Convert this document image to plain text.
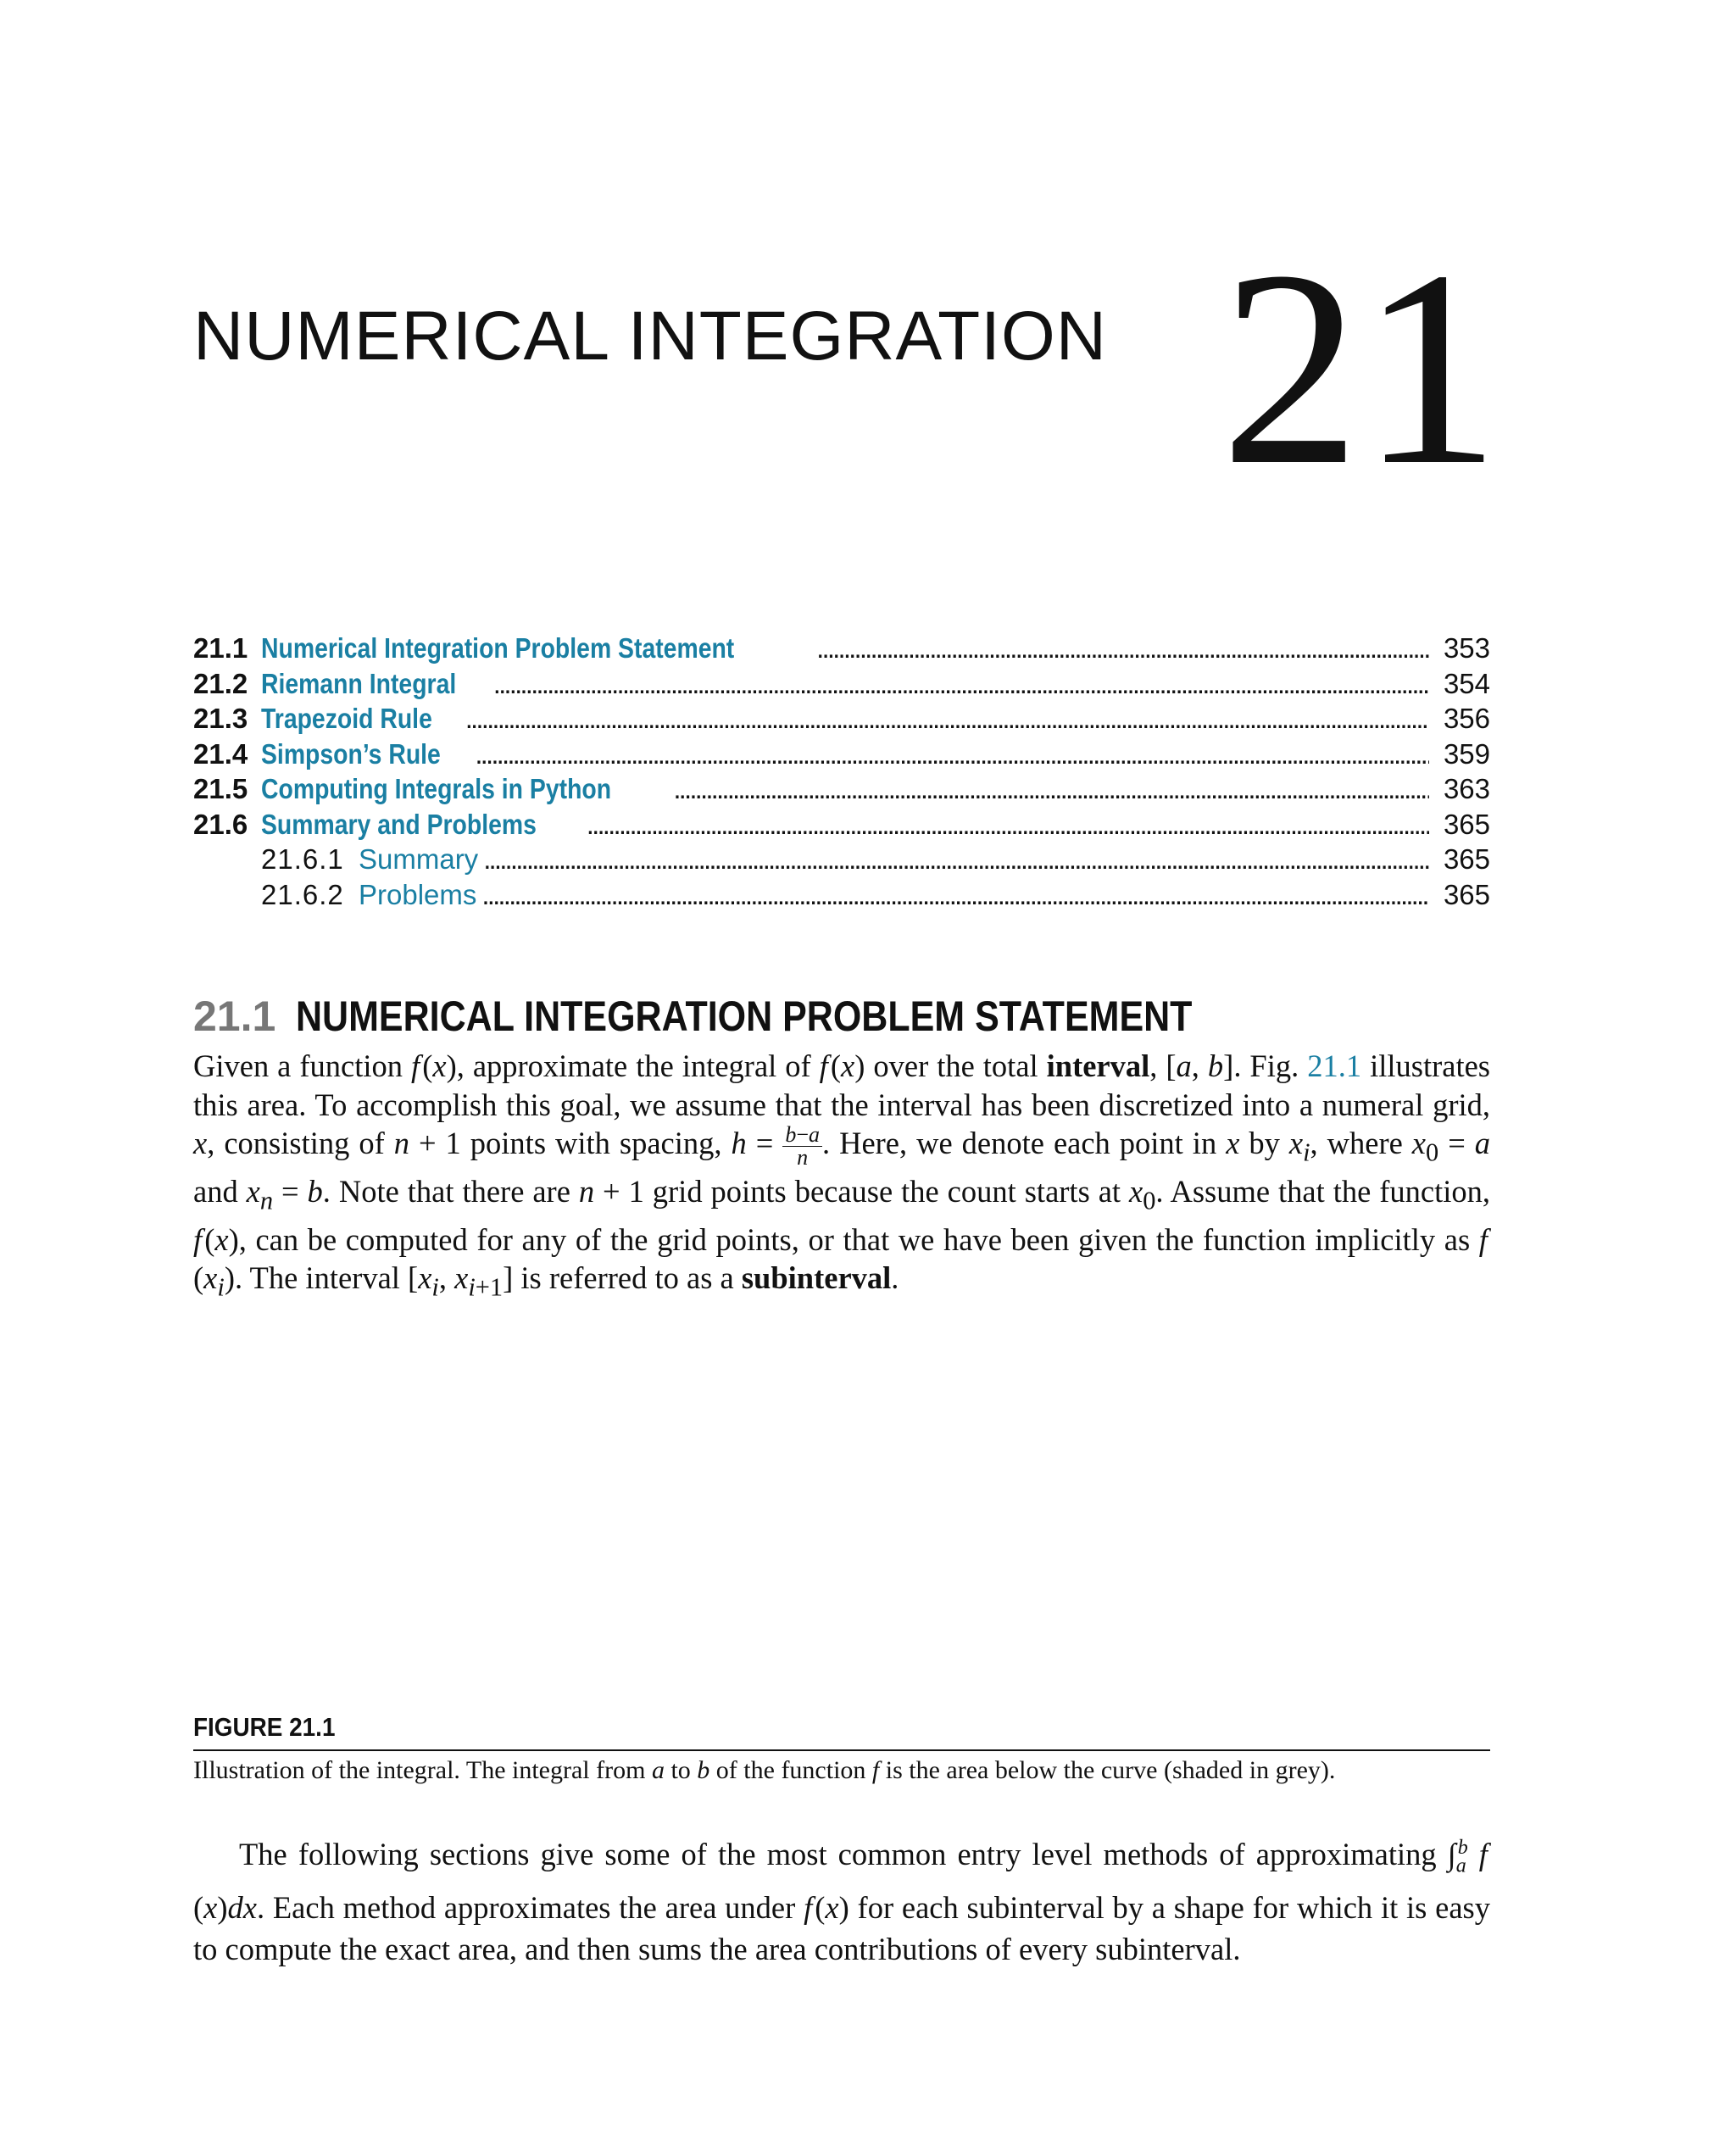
NUMERICAL INTEGRATION 21
21.1 Numerical Integration Problem Statement . . .	353
21.2 Riemann Integral . . .	354
21.3 Trapezoid Rule . . .	356
21.4 Simpson’s Rule . . .	359
21.5 Computing Integrals in Python . . .	363
21.6 Summary and Problems . . .	365
21.6.1 Summary . . .	365
21.6.2 Problems . . .	365
21.1 NUMERICAL INTEGRATION PROBLEM STATEMENT

Given a function f (x), approximate the integral of f (x) over the total interval, [a, b]. Fig. 21.1 illustrates this area. To accomplish this goal, we assume that the interval has been discretized into a numeral grid, x, consisting of n + 1 points with spacing, $h = \frac{b-a}{n}$ . Here, we denote each point in x by $x_i$, where $x_0 = a$ and $x_n = b$. Note that there are n + 1 grid points because the count starts at $x_0$. Assume that the function, f (x), can be computed for any of the grid points, or that we have been given the function implicitly as f $(x_i)$. The interval [$x_i$, $x_{i+1}$] is referred to as a subinterval.

FIGURE 21.1

Illustration of the integral. The integral from a to b of the function f is the area below the curve (shaded in grey).

The following sections give some of the most common entry level methods of approximating $\int_a^b$ f (x)dx. Each method approximates the area under f (x) for each subinterval by a shape for which it is easy to compute the exact area, and then sums the area contributions of every subinterval.
